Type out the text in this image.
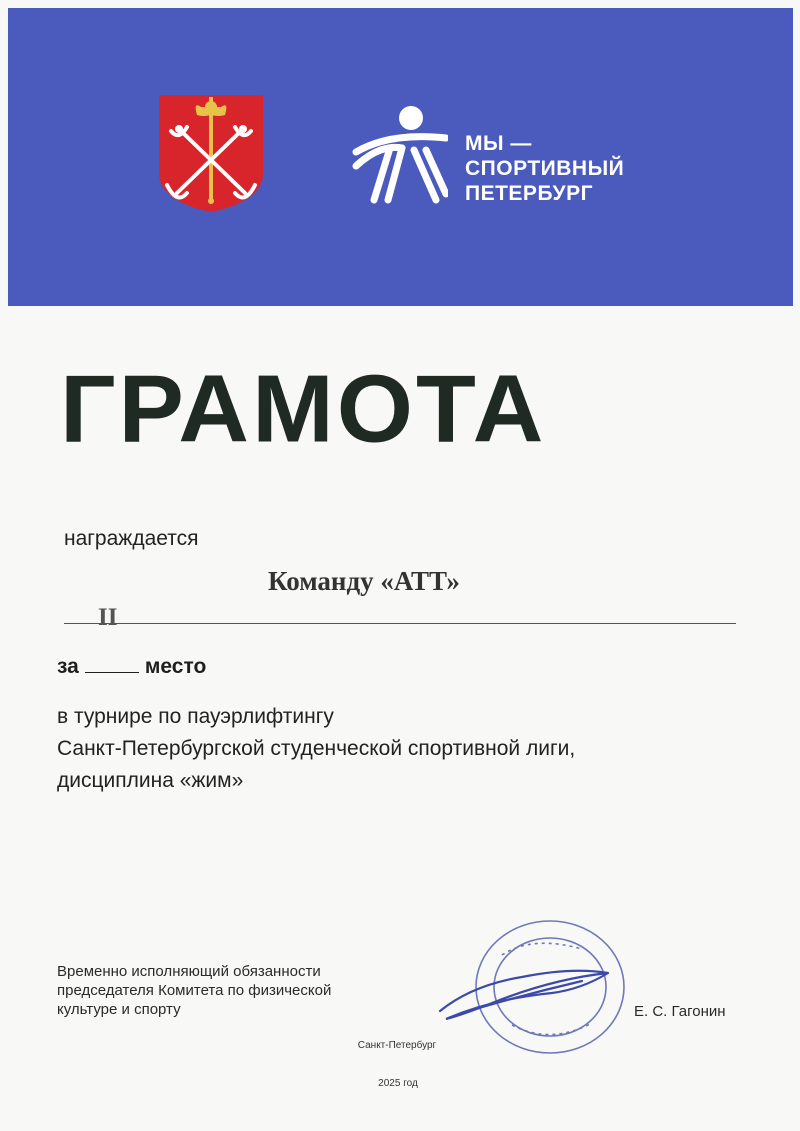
МЫ —
СПОРТИВНЫЙ
ПЕТЕРБУРГ
ГРАМОТА
награждается
Команду «АТТ»
II
за	место
в турнире по пауэрлифтингу
Санкт-Петербургской студенческой спортивной лиги,
дисциплина «жим»
Временно исполняющий обязанности
председателя Комитета по физической
культуре и спорту	Е. С. Гагонин
Санкт-Петербург
2025 год
